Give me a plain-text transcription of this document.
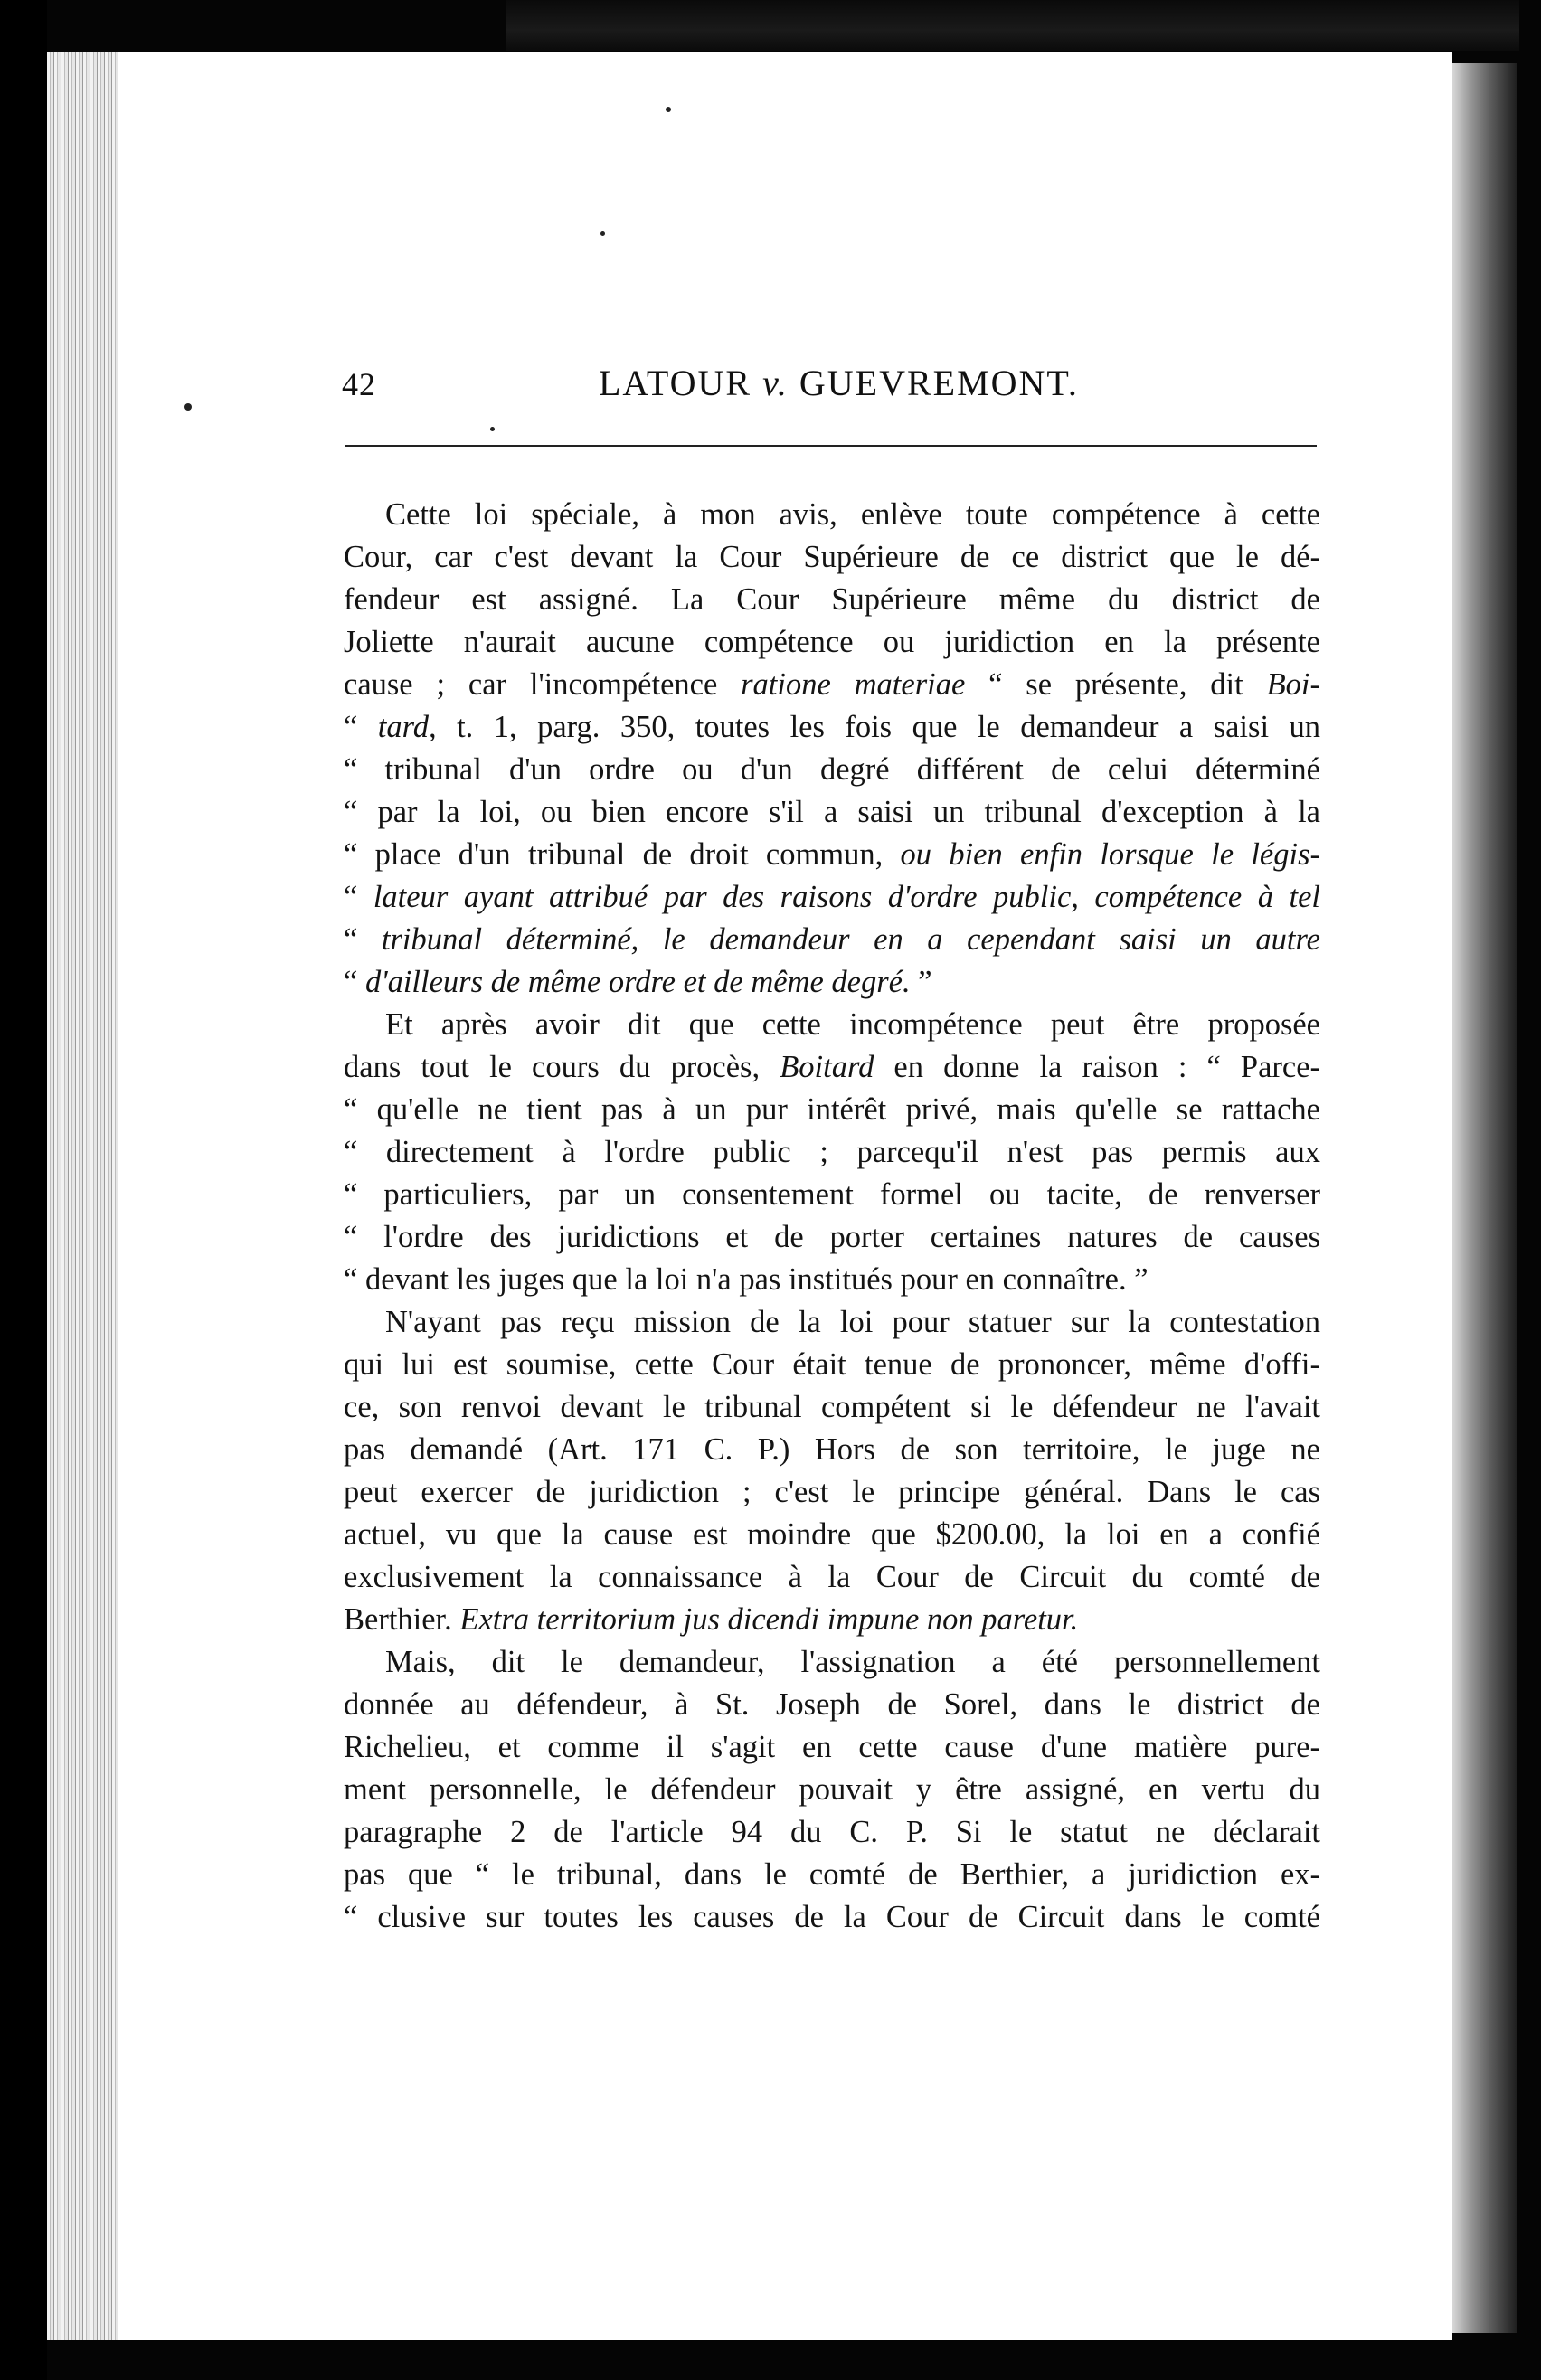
42	LATOUR v. GUEVREMONT.
Cette loi spéciale, à mon avis, enlève toute compétence à cette
Cour, car c'est devant la Cour Supérieure de ce district que le dé-
fendeur est assigné. La Cour Supérieure même du district de
Joliette n'aurait aucune compétence ou juridiction en la présente
cause ; car l'incompétence ratione materiae “ se présente, dit Boi-
“ tard, t. 1, parg. 350, toutes les fois que le demandeur a saisi un
“ tribunal d'un ordre ou d'un degré différent de celui déterminé
“ par la loi, ou bien encore s'il a saisi un tribunal d'exception à la
“ place d'un tribunal de droit commun, ou bien enfin lorsque le légis-
“ lateur ayant attribué par des raisons d'ordre public, compétence à tel
“ tribunal déterminé, le demandeur en a cependant saisi un autre
“ d'ailleurs de même ordre et de même degré. ”
Et après avoir dit que cette incompétence peut être proposée
dans tout le cours du procès, Boitard en donne la raison : “ Parce-
“ qu'elle ne tient pas à un pur intérêt privé, mais qu'elle se rattache
“ directement à l'ordre public ; parcequ'il n'est pas permis aux
“ particuliers, par un consentement formel ou tacite, de renverser
“ l'ordre des juridictions et de porter certaines natures de causes
“ devant les juges que la loi n'a pas institués pour en connaître. ”
N'ayant pas reçu mission de la loi pour statuer sur la contestation
qui lui est soumise, cette Cour était tenue de prononcer, même d'offi-
ce, son renvoi devant le tribunal compétent si le défendeur ne l'avait
pas demandé (Art. 171 C. P.) Hors de son territoire, le juge ne
peut exercer de juridiction ; c'est le principe général. Dans le cas
actuel, vu que la cause est moindre que $200.00, la loi en a confié
exclusivement la connaissance à la Cour de Circuit du comté de
Berthier. Extra territorium jus dicendi impune non paretur.
Mais, dit le demandeur, l'assignation a été personnellement
donnée au défendeur, à St. Joseph de Sorel, dans le district de
Richelieu, et comme il s'agit en cette cause d'une matière pure-
ment personnelle, le défendeur pouvait y être assigné, en vertu du
paragraphe 2 de l'article 94 du C. P. Si le statut ne déclarait
pas que “ le tribunal, dans le comté de Berthier, a juridiction ex-
“ clusive sur toutes les causes de la Cour de Circuit dans le comté
